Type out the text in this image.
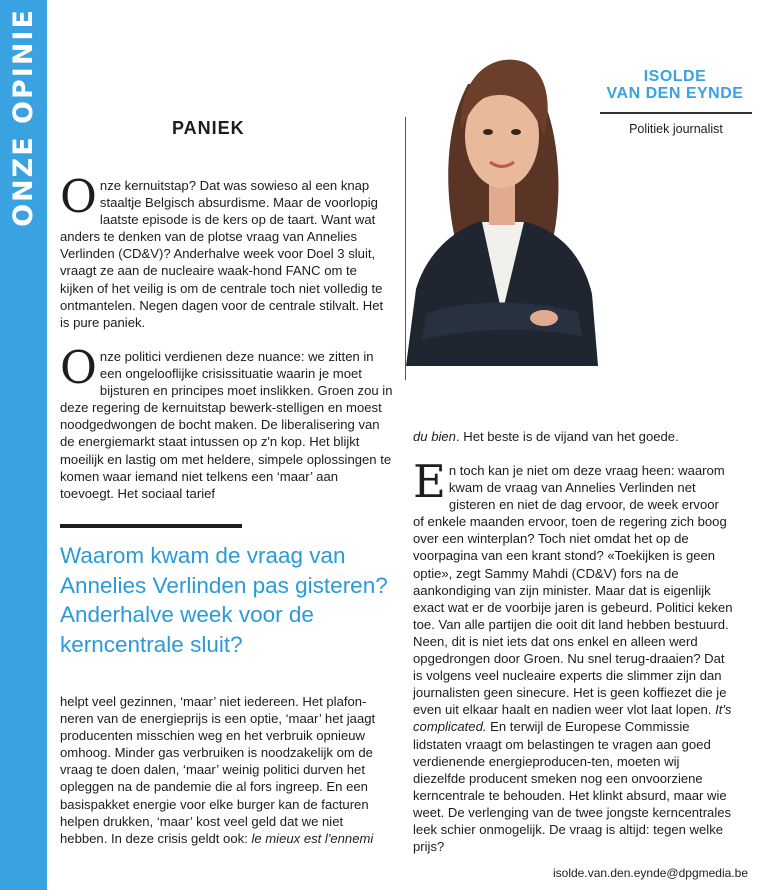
ONZE OPINIE	PANIEK

Onze kernuitstap? Dat was sowieso al een knap staaltje Belgisch absurdisme. Maar de voorlopig laatste episode is de kers op de taart. Want wat anders te denken van de plotse vraag van Annelies Verlinden (CD&V)? Anderhalve week voor Doel 3 sluit, vraagt ze aan de nucleaire waak-hond FANC om te kijken of het veilig is om de centrale toch niet volledig te ontmantelen. Negen dagen voor de centrale stilvalt. Het is pure paniek.

Onze politici verdienen deze nuance: we zitten in een ongelooflijke crisissituatie waarin je moet bijsturen en principes moet inslikken. Groen zou in deze regering de kernuitstap bewerk-stelligen en moest noodgedwongen de bocht maken. De liberalisering van de energiemarkt staat intussen op z'n kop. Het blijkt moeilijk en lastig om met heldere, simpele oplossingen te komen waar iemand niet telkens een ‘maar’ aan toevoegt. Het sociaal tarief

Waarom kwam de vraag van Annelies Verlinden pas gisteren? Anderhalve week voor de kerncentrale sluit?

helpt veel gezinnen, ‘maar’ niet iedereen. Het plafon-neren van de energieprijs is een optie, ‘maar’ het jaagt producenten misschien weg en het verbruik opnieuw omhoog. Minder gas verbruiken is noodzakelijk om de vraag te doen dalen, ‘maar’ weinig politici durven het opleggen na de pandemie die al fors ingreep. En een basispakket energie voor elke burger kan de facturen helpen drukken, ‘maar’ kost veel geld dat we niet hebben. In deze crisis geldt ook: le mieux est l'ennemi

du bien. Het beste is de vijand van het goede.

En toch kan je niet om deze vraag heen: waarom kwam de vraag van Annelies Verlinden net gisteren en niet de dag ervoor, de week ervoor of enkele maanden ervoor, toen de regering zich boog over een winterplan? Toch niet omdat het op de voorpagina van een krant stond? «Toekijken is geen optie», zegt Sammy Mahdi (CD&V) fors na de aankondiging van zijn minister. Maar dat is eigenlijk exact wat er de voorbije jaren is gebeurd. Politici keken toe. Van alle partijen die ooit dit land hebben bestuurd. Neen, dit is niet iets dat ons enkel en alleen werd opgedrongen door Groen. Nu snel terug-draaien? Dat is volgens veel nucleaire experts die slimmer zijn dan journalisten geen sinecure. Het is geen koffiezet die je even uit elkaar haalt en nadien weer vlot laat lopen. It's complicated. En terwijl de Europese Commissie lidstaten vraagt om belastingen te vragen aan goed verdienende energieproducen-ten, moeten wij diezelfde producent smeken nog een onvoorziene kerncentrale te behouden. Het klinkt absurd, maar wie weet. De verlenging van de twee jongste kerncentrales leek schier onmogelijk. De vraag is altijd: tegen welke prijs?

ISOLDE
VAN DEN EYNDE

Politiek journalist
isolde.van.den.eynde@dpgmedia.be
